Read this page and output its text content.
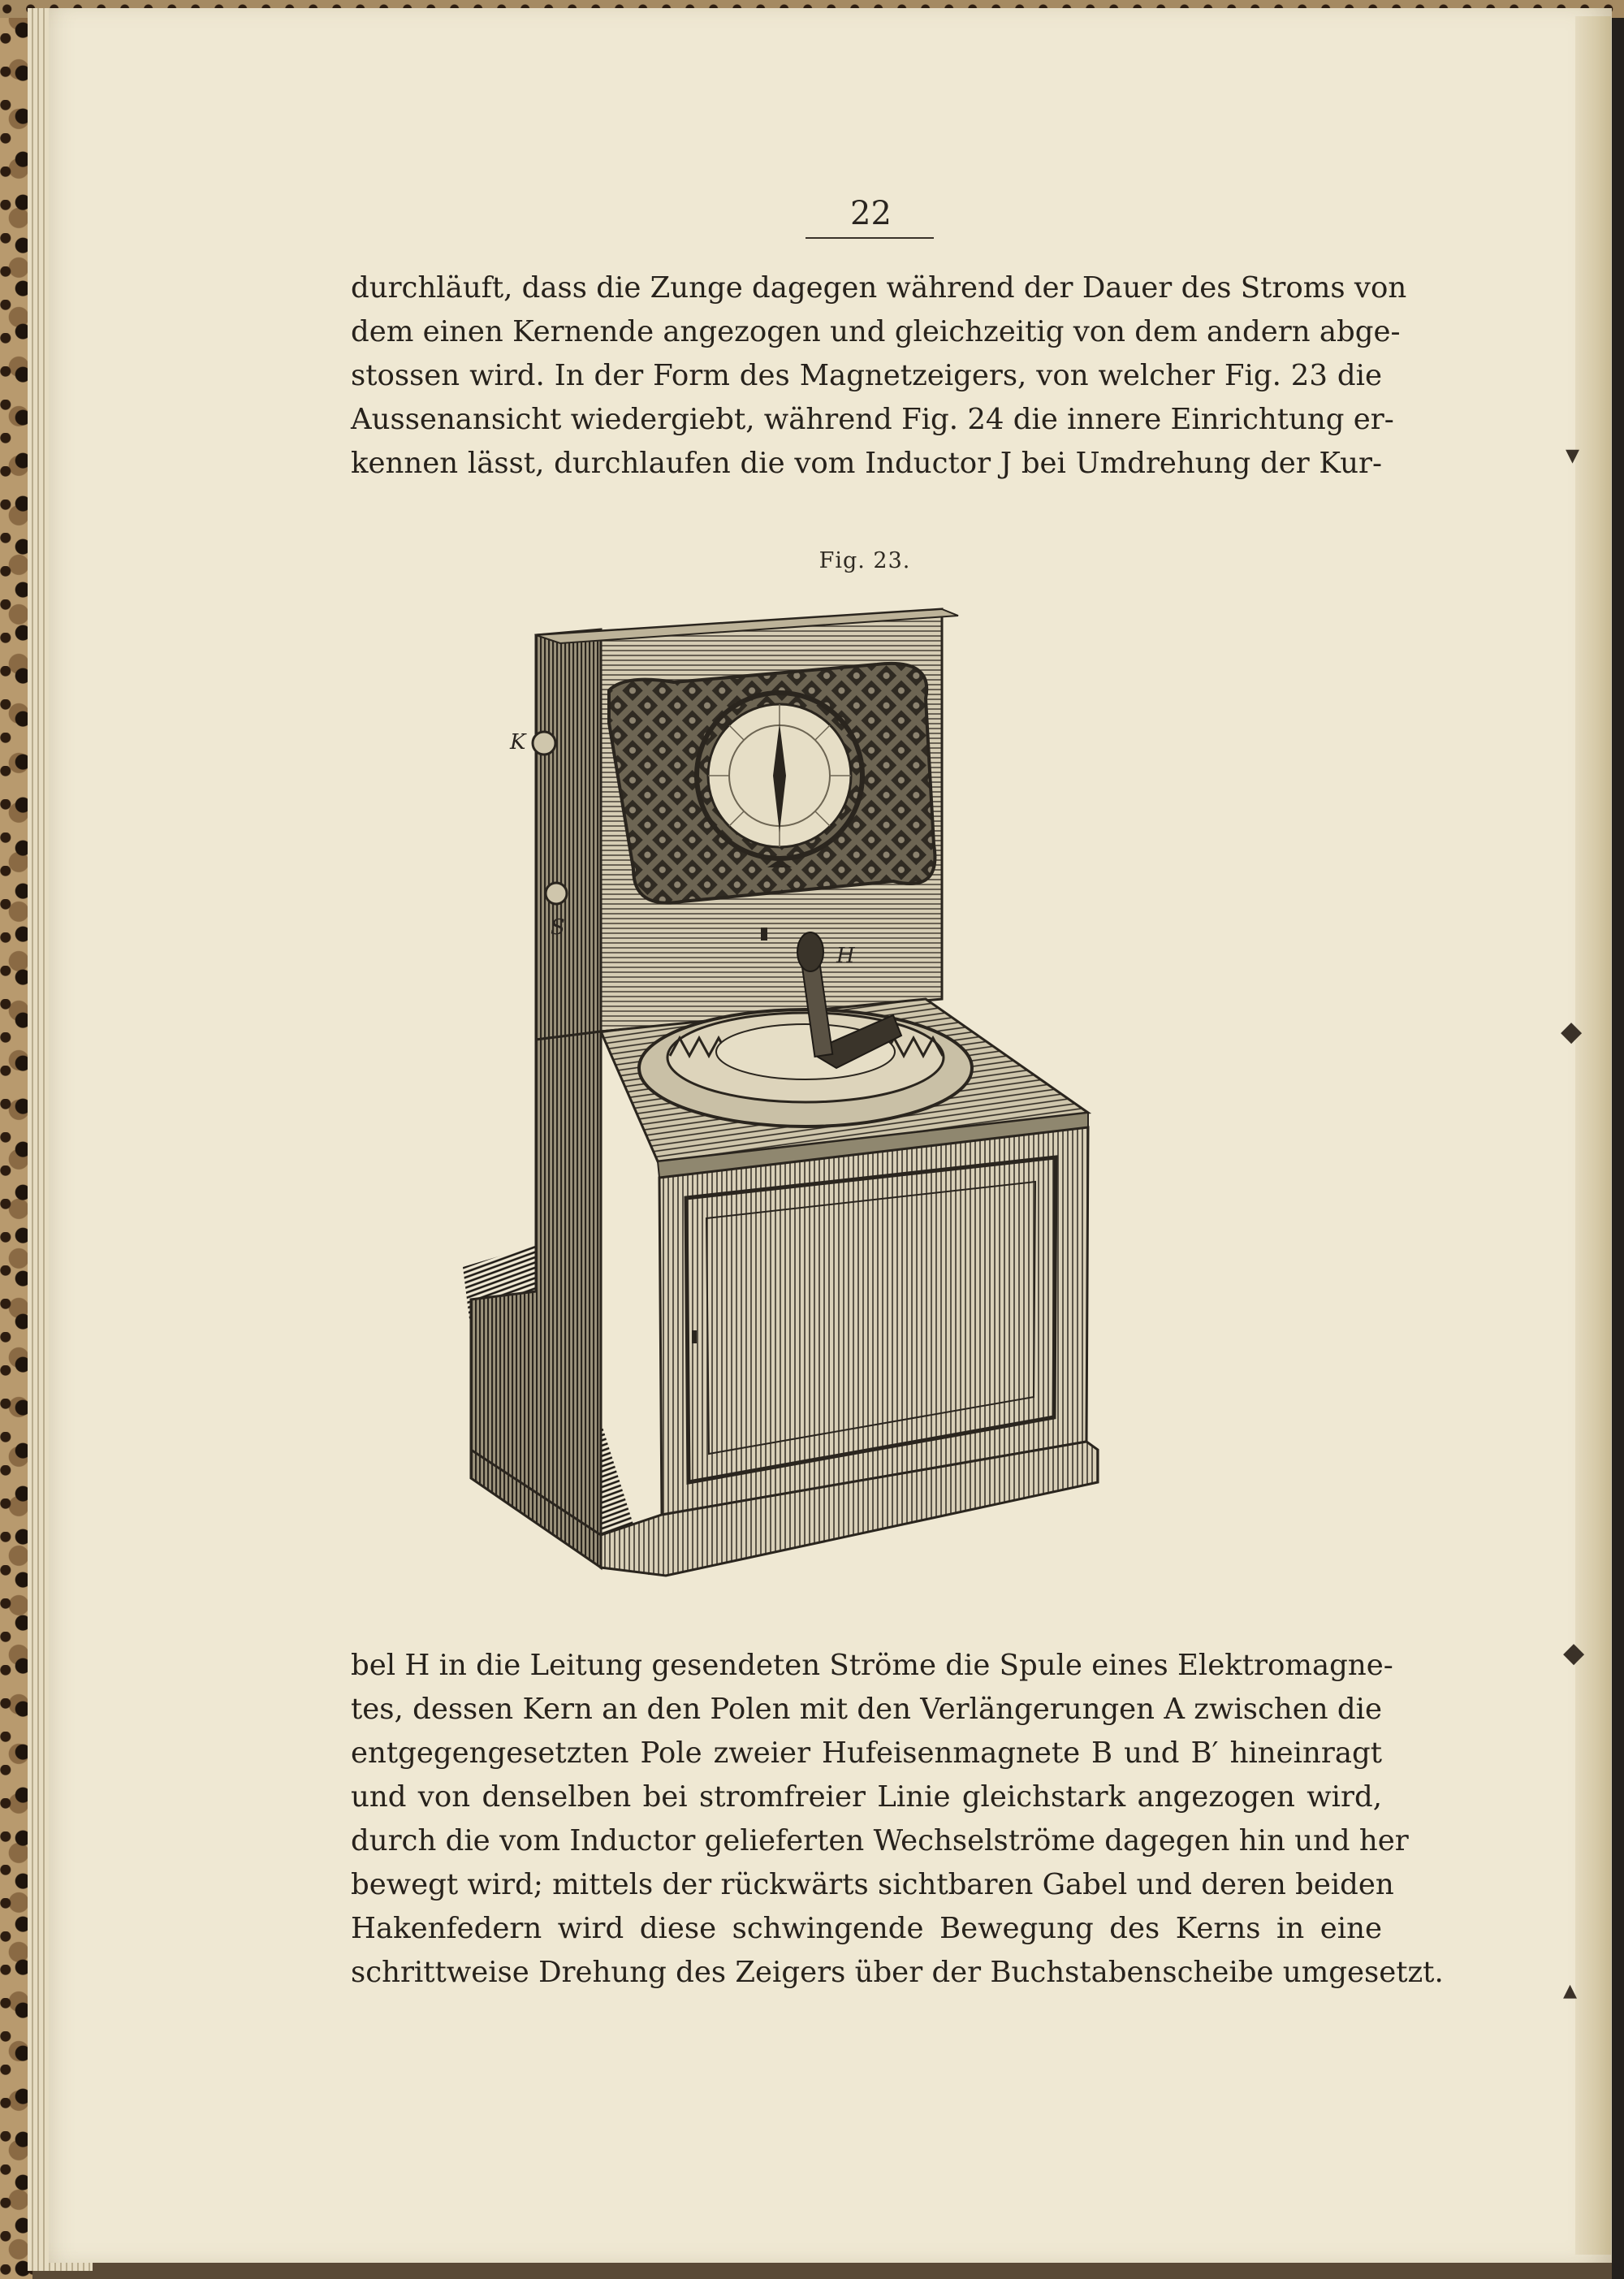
22

durchläuft, dass die Zunge dagegen während der Dauer des Stroms von
dem einen Kernende angezogen und gleichzeitig von dem andern abge-
stossen wird. In der Form des Magnetzeigers, von welcher Fig. 23 die
Aussenansicht wiedergiebt, während Fig. 24 die innere Einrichtung er-
kennen lässt, durchlaufen die vom Inductor J bei Umdrehung der Kur-

Fig. 23.
K
S
H

bel H in die Leitung gesendeten Ströme die Spule eines Elektromagne-
tes, dessen Kern an den Polen mit den Verlängerungen A zwischen die
entgegengesetzten Pole zweier Hufeisenmagnete B und B′ hineinragt
und von denselben bei stromfreier Linie gleichstark angezogen wird,
durch die vom Inductor gelieferten Wechselströme dagegen hin und her
bewegt wird; mittels der rückwärts sichtbaren Gabel und deren beiden
Hakenfedern wird diese schwingende Bewegung des Kerns in eine
schrittweise Drehung des Zeigers über der Buchstabenscheibe umgesetzt.

▾
◆
◆
▴
